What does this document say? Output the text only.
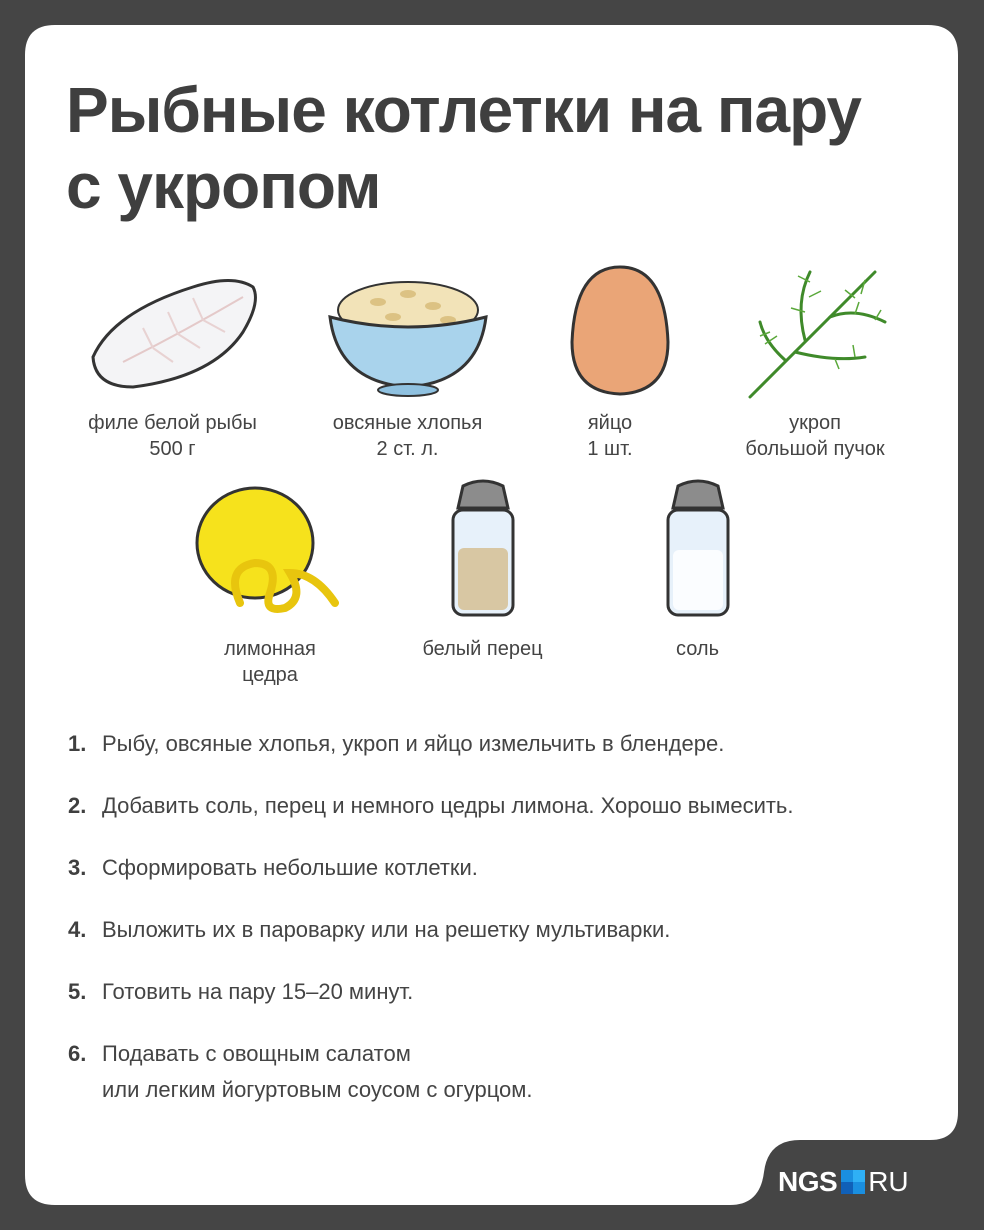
Рыбные котлетки на пару
с укропом
филе белой рыбы
500 г
овсяные хлопья
2 ст. л.
яйцо
1 шт.
укроп
большой пучок
лимонная
цедра
белый перец	соль
1. Рыбу, овсяные хлопья, укроп и яйцо измельчить в блендере.
2. Добавить соль, перец и немного цедры лимона. Хорошо вымесить.
3. Сформировать небольшие котлетки.
4. Выложить их в пароварку или на решетку мультиварки.
5. Готовить на пару 15–20 минут.
6. Подавать с овощным салатом
или легким йогуртовым соусом с огурцом.
NGS RU
